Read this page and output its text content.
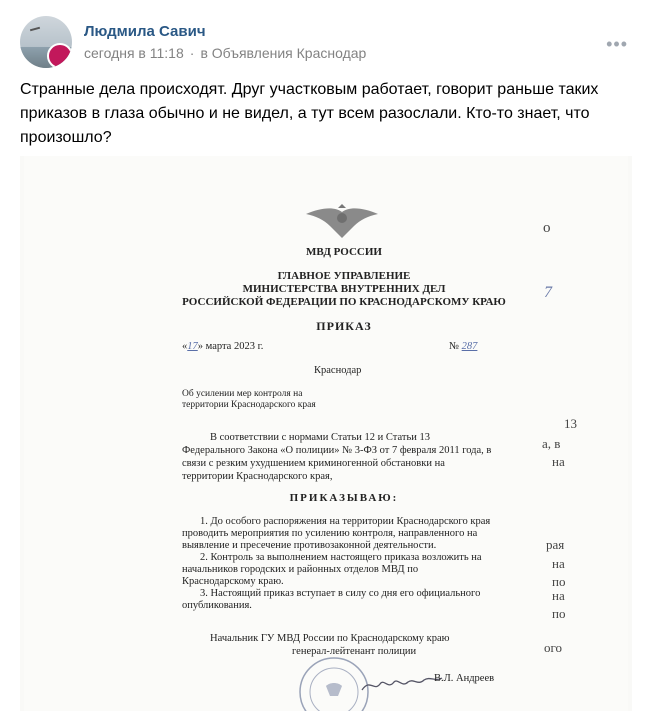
Людмила Савич
сегодня в 11:18 · в Объявления Краснодар	•••
Странные дела происходят. Друг участковым работает, говорит раньше таких приказов в глаза обычно и не видел, а тут всем разослали. Кто-то знает, что произошло?
МВД РОССИИ
ГЛАВНОЕ УПРАВЛЕНИЕ
МИНИСТЕРСТВА ВНУТРЕННИХ ДЕЛ
РОССИЙСКОЙ ФЕДЕРАЦИИ ПО КРАСНОДАРСКОМУ КРАЮ
ПРИКАЗ
«17» марта 2023 г.	№ 287
Краснодар
Об усилении мер контроля на
территории Краснодарского края
В соответствии с нормами Статьи 12 и Статьи 13
Федерального Закона «О полиции» № 3-ФЗ от 7 февраля 2011 года, в
связи с резким ухудшением криминогенной обстановки на
территории Краснодарского края,
ПРИКАЗЫВАЮ:
1. До особого распоряжения на территории Краснодарского края
проводить мероприятия по усилению контроля, направленного на
выявление и пресечение противозаконной деятельности.
2. Контроль за выполнением настоящего приказа возложить на
начальников городских и районных отделов МВД по
Краснодарскому краю.
3. Настоящий приказ вступает в силу со дня его официального
опубликования.
Начальник ГУ МВД России по Краснодарскому краю
генерал-лейтенант полиции
В.Л. Андреев
о
7
13
а, в
на
рая
на
по
на
по
ого
